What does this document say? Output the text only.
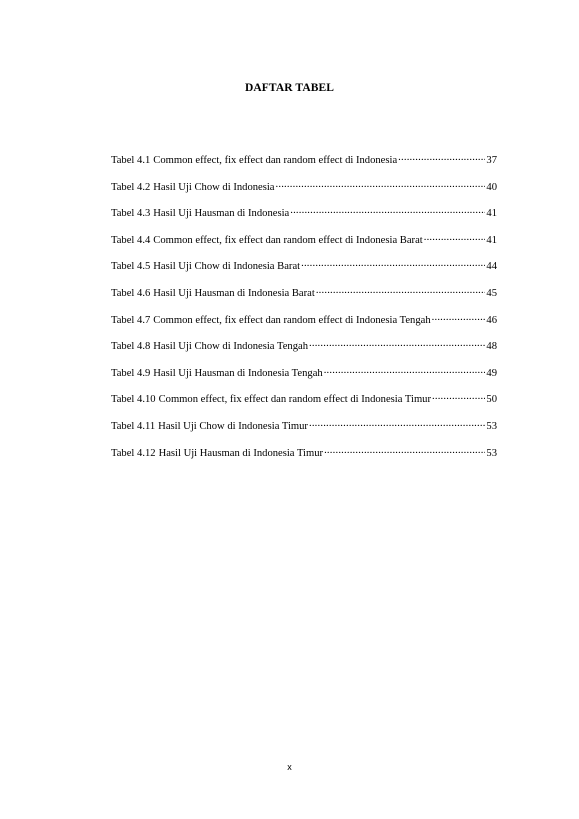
DAFTAR TABEL
Tabel 4.1 Common effect, fix effect dan random effect di Indonesia .....	37
Tabel 4.2 Hasil Uji Chow di Indonesia .....	40
Tabel 4.3 Hasil Uji Hausman di Indonesia .....	41
Tabel 4.4 Common effect, fix effect dan random effect di Indonesia Barat .....	41
Tabel 4.5 Hasil Uji Chow di Indonesia Barat .....	44
Tabel 4.6 Hasil Uji Hausman di Indonesia Barat .....	45
Tabel 4.7 Common effect, fix effect dan random effect di Indonesia Tengah .....	46
Tabel 4.8 Hasil Uji Chow di Indonesia Tengah .....	48
Tabel 4.9 Hasil Uji Hausman di Indonesia Tengah .....	49
Tabel 4.10 Common effect, fix effect dan random effect di Indonesia Timur .....	50
Tabel 4.11 Hasil Uji Chow di Indonesia Timur .....	53
Tabel 4.12 Hasil Uji Hausman di Indonesia Timur .....	53
x
